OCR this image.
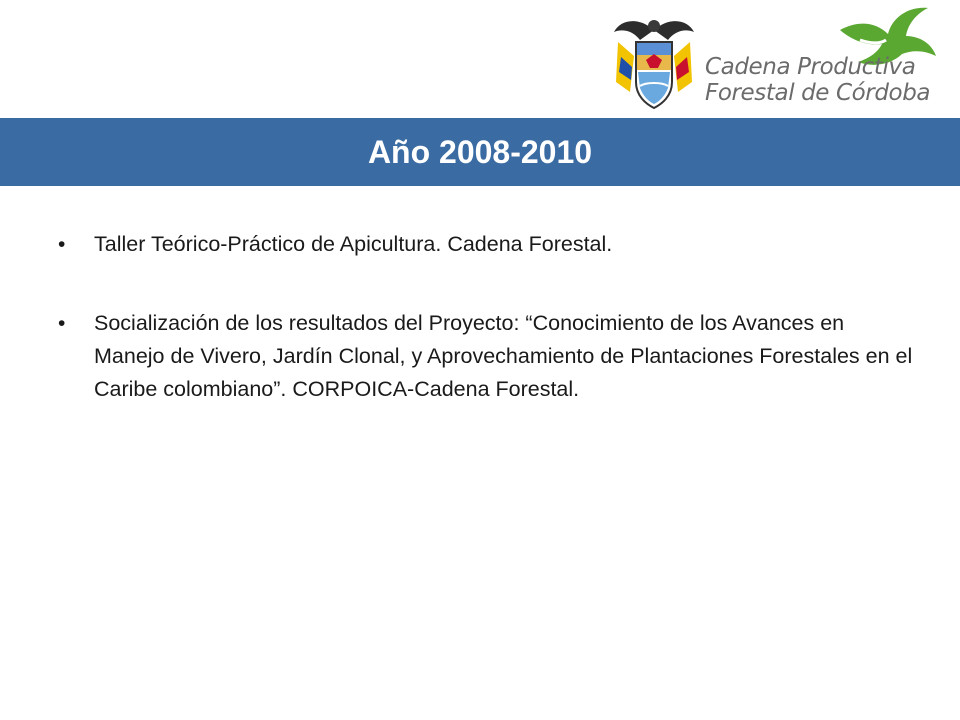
Cadena Productiva
Forestal de Córdoba
Año 2008-2010
• Taller Teórico-Práctico de Apicultura. Cadena Forestal.
• Socialización de los resultados del Proyecto: “Conocimiento de los Avances en Manejo de Vivero, Jardín Clonal, y Aprovechamiento de Plantaciones Forestales en el Caribe colombiano”. CORPOICA-Cadena Forestal.
